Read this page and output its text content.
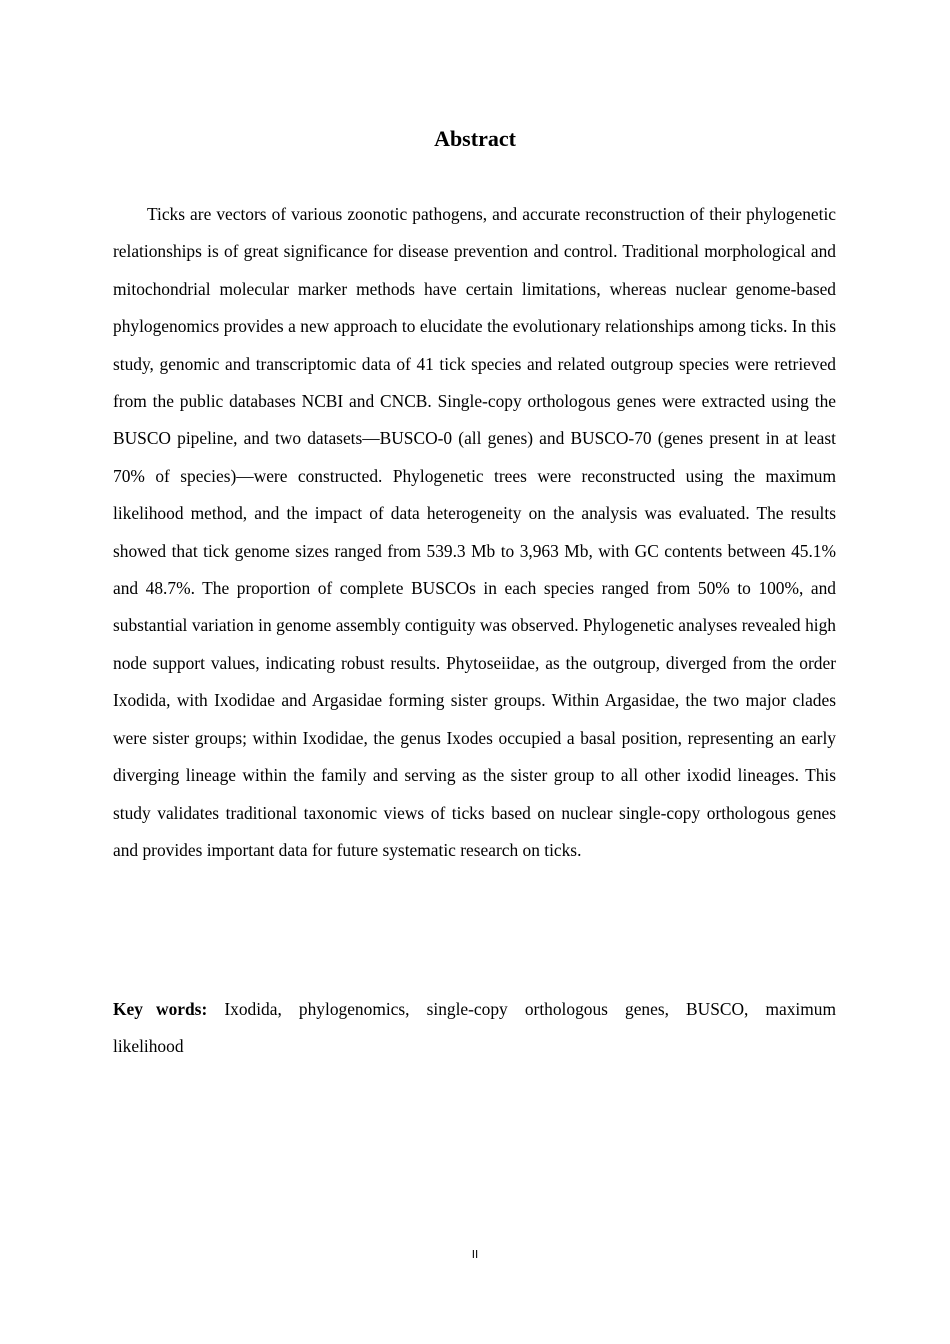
Abstract

Ticks are vectors of various zoonotic pathogens, and accurate reconstruction of their phylogenetic relationships is of great significance for disease prevention and control. Traditional morphological and mitochondrial molecular marker methods have certain limitations, whereas nuclear genome-based phylogenomics provides a new approach to elucidate the evolutionary relationships among ticks. In this study, genomic and transcriptomic data of 41 tick species and related outgroup species were retrieved from the public databases NCBI and CNCB. Single-copy orthologous genes were extracted using the BUSCO pipeline, and two datasets—BUSCO-0 (all genes) and BUSCO-70 (genes present in at least 70% of species)—were constructed. Phylogenetic trees were reconstructed using the maximum likelihood method, and the impact of data heterogeneity on the analysis was evaluated. The results showed that tick genome sizes ranged from 539.3 Mb to 3,963 Mb, with GC contents between 45.1% and 48.7%. The proportion of complete BUSCOs in each species ranged from 50% to 100%, and substantial variation in genome assembly contiguity was observed. Phylogenetic analyses revealed high node support values, indicating robust results. Phytoseiidae, as the outgroup, diverged from the order Ixodida, with Ixodidae and Argasidae forming sister groups. Within Argasidae, the two major clades were sister groups; within Ixodidae, the genus Ixodes occupied a basal position, representing an early diverging lineage within the family and serving as the sister group to all other ixodid lineages. This study validates traditional taxonomic views of ticks based on nuclear single-copy orthologous genes and provides important data for future systematic research on ticks.

Key words: Ixodida, phylogenomics, single-copy orthologous genes, BUSCO, maximum likelihood

II
